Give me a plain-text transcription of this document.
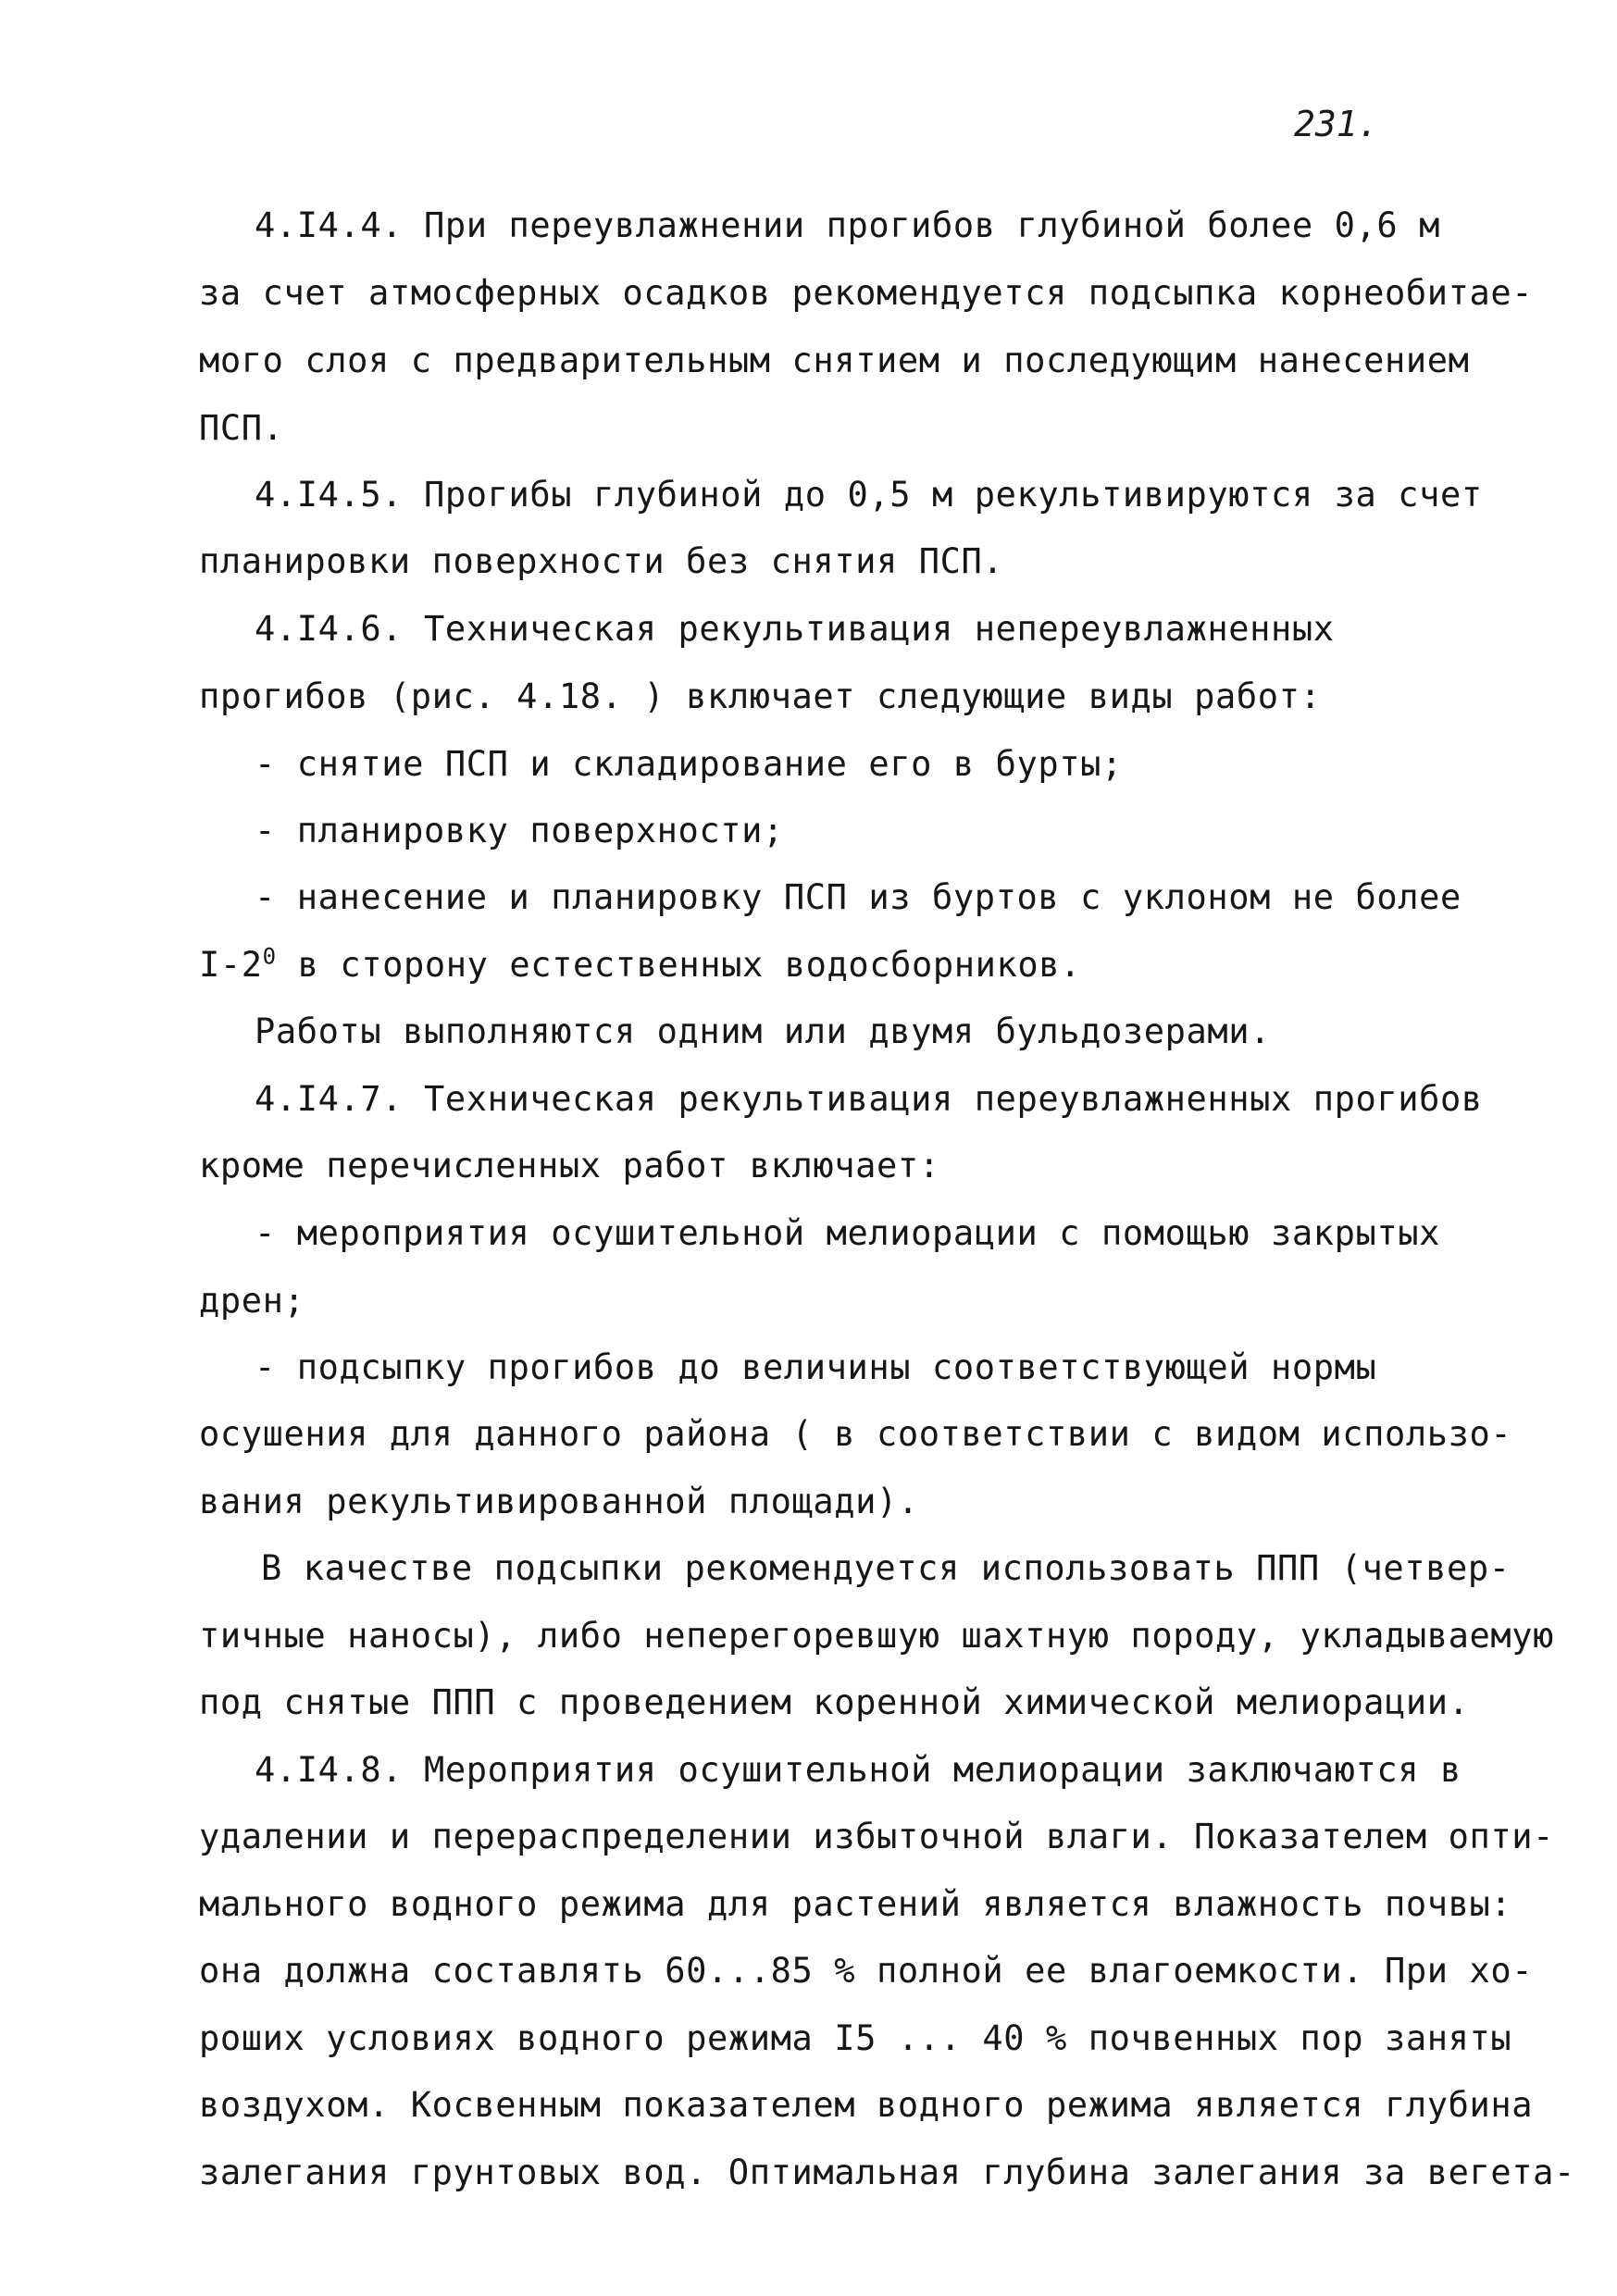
231.

4.I4.4. При переувлажнении прогибов глубиной более 0,6 м

за счет атмосферных осадков рекомендуется подсыпка корнеобитае-

мого слоя с предварительным снятием и последующим нанесением

ПСП.

4.I4.5. Прогибы глубиной до 0,5 м рекультивируются за счет

планировки поверхности без снятия ПСП.

4.I4.6. Техническая рекультивация непереувлажненных

прогибов (рис. 4.18. ) включает следующие виды работ:

- снятие ПСП и складирование его в бурты;

- планировку поверхности;

- нанесение и планировку ПСП из буртов с уклоном не более

$I-2^0$ в сторону естественных водосборников.

Работы выполняются одним или двумя бульдозерами.

4.I4.7. Техническая рекультивация переувлажненных прогибов

кроме перечисленных работ включает:

- мероприятия осушительной мелиорации с помощью закрытых

дрен;

- подсыпку прогибов до величины соответствующей нормы

осушения для данного района ( в соответствии с видом использо-

вания рекультивированной площади).

В качестве подсыпки рекомендуется использовать ППП (четвер-

тичные наносы), либо неперегоревшую шахтную породу, укладываемую

под снятые ППП с проведением коренной химической мелиорации.

4.I4.8. Мероприятия осушительной мелиорации заключаются в

удалении и перераспределении избыточной влаги. Показателем опти-

мального водного режима для растений является влажность почвы:

она должна составлять 60...85 % полной ее влагоемкости. При хо-

роших условиях водного режима I5 ... 40 % почвенных пор заняты

воздухом. Косвенным показателем водного режима является глубина

залегания грунтовых вод. Оптимальная глубина залегания за вегета-
